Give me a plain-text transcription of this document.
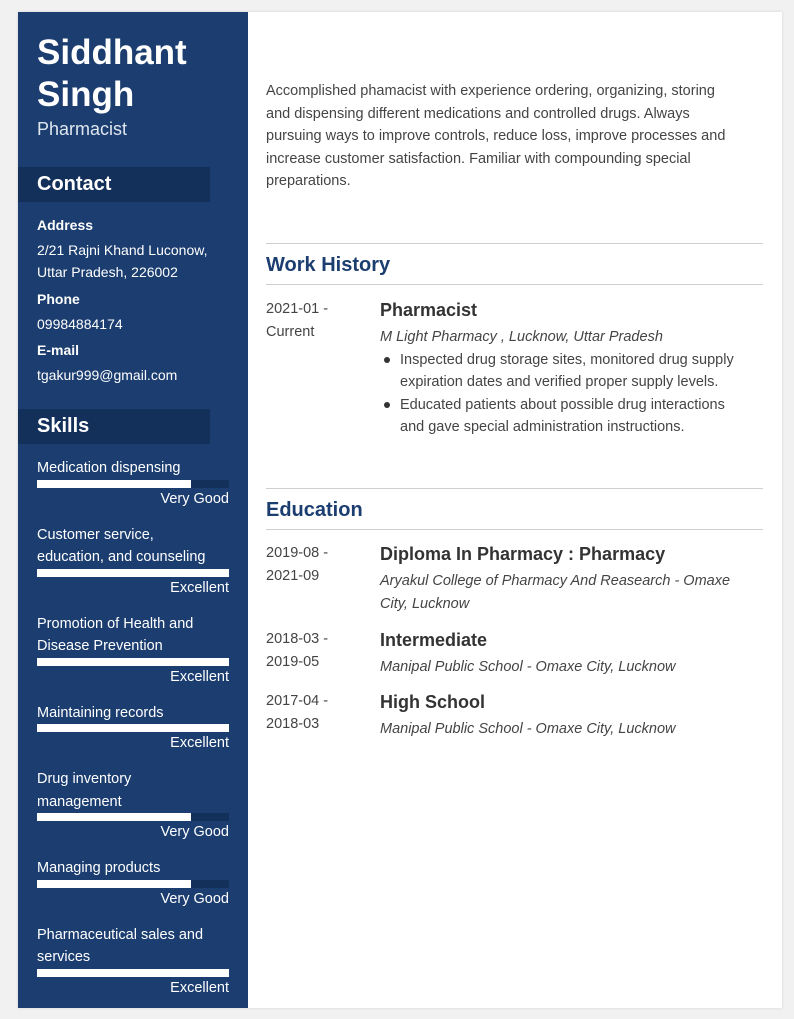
Siddhant Singh
Pharmacist
Contact
Address
2/21 Rajni Khand Luconow,
Uttar Pradesh, 226002
Phone
09984884174
E-mail
tgakur999@gmail.com
Skills
Medication dispensing
Very Good
Customer service,
education, and counseling
Excellent
Promotion of Health and
Disease Prevention
Excellent
Maintaining records
Excellent
Drug inventory
management
Very Good
Managing products
Very Good
Pharmaceutical sales and
services
Excellent
Accomplished phamacist with experience ordering, organizing, storing
and dispensing different medications and controlled drugs. Always
pursuing ways to improve controls, reduce loss, improve processes and
increase customer satisfaction. Familiar with compounding special
preparations.
Work History
2021-01 -
Current
Pharmacist
M Light Pharmacy , Lucknow, Uttar Pradesh
Inspected drug storage sites, monitored drug supply
expiration dates and verified proper supply levels.
Educated patients about possible drug interactions
and gave special administration instructions.
Education
2019-08 -
2021-09
Diploma In Pharmacy : Pharmacy
Aryakul College of Pharmacy And Reasearch - Omaxe
City, Lucknow
2018-03 -
2019-05
Intermediate
Manipal Public School - Omaxe City, Lucknow
2017-04 -
2018-03
High School
Manipal Public School - Omaxe City, Lucknow
